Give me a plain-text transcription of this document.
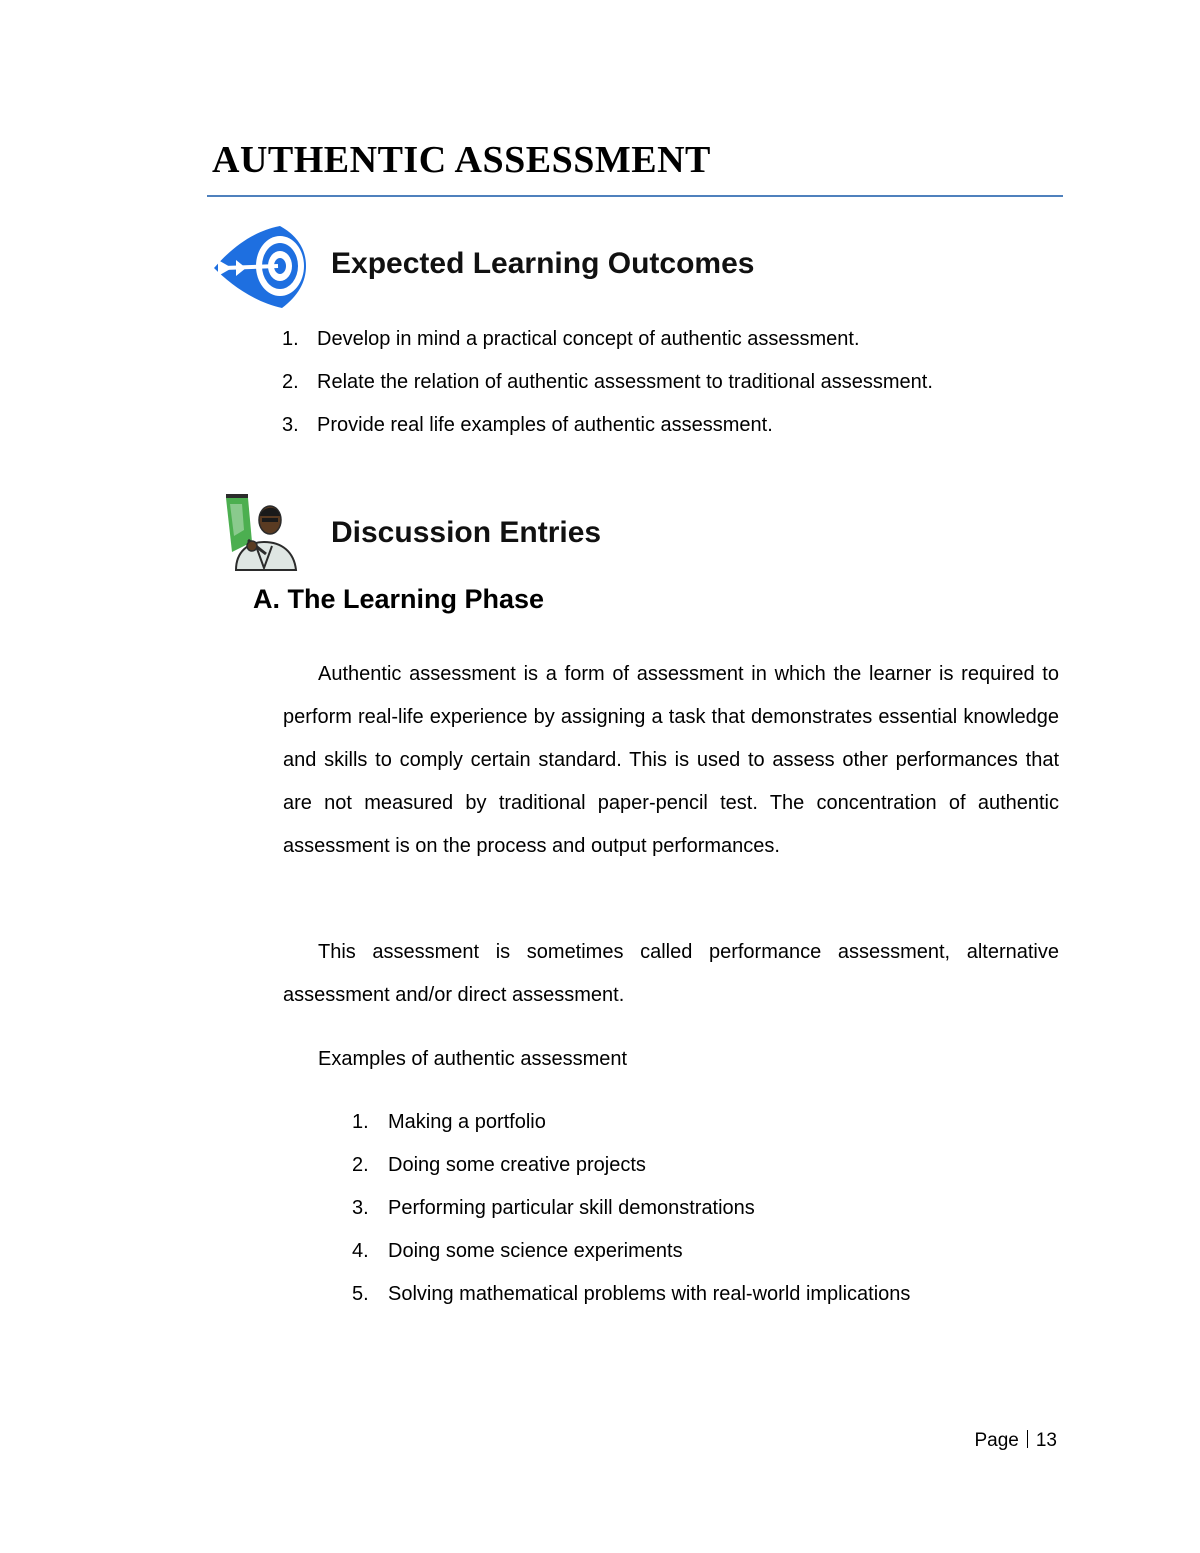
AUTHENTIC ASSESSMENT
Expected Learning Outcomes
1. Develop in mind a practical concept of authentic assessment.
2. Relate the relation of authentic assessment to traditional assessment.
3. Provide real life examples of authentic assessment.
Discussion Entries
A. The Learning Phase

Authentic assessment is a form of assessment in which the learner is required to perform real-life experience by assigning a task that demonstrates essential knowledge and skills to comply certain standard. This is used to assess other performances that are not measured by traditional paper-pencil test. The concentration of authentic assessment is on the process and output performances.

This assessment is sometimes called performance assessment, alternative assessment and/or direct assessment.

Examples of authentic assessment

1. Making a portfolio
2. Doing some creative projects
3. Performing particular skill demonstrations
4. Doing some science experiments
5. Solving mathematical problems with real-world implications
Page 13
